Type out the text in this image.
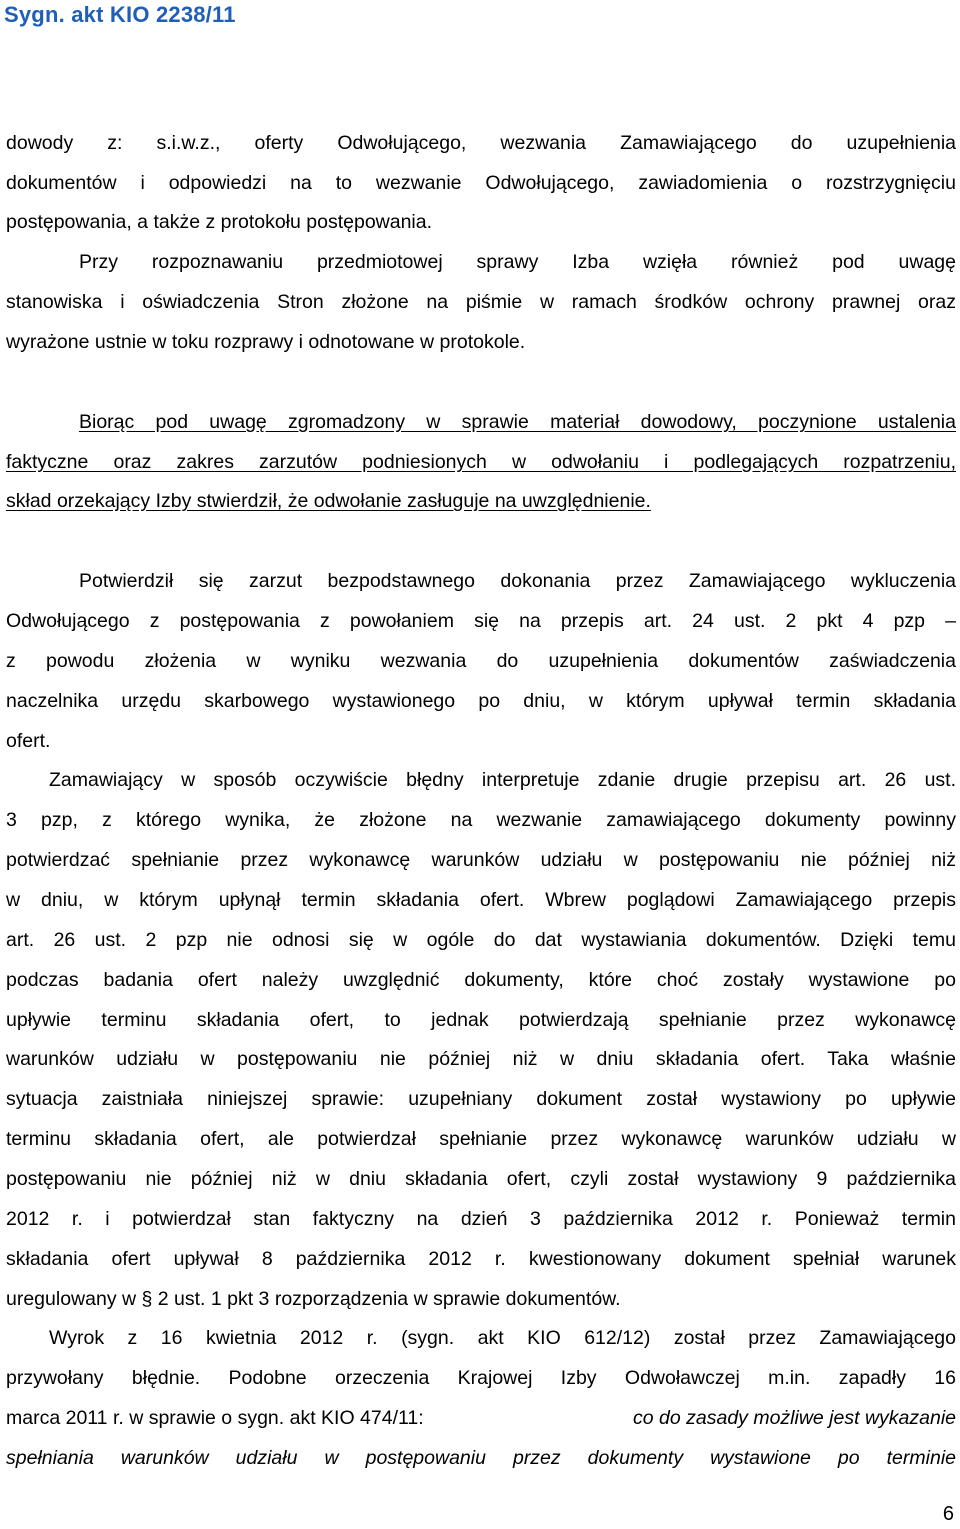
Sygn. akt KIO 2238/11
dowody z: s.i.w.z., oferty Odwołującego, wezwania Zamawiającego do uzupełnienia
dokumentów i odpowiedzi na to wezwanie Odwołującego, zawiadomienia o rozstrzygnięciu
postępowania, a także z protokołu postępowania.
Przy rozpoznawaniu przedmiotowej sprawy Izba wzięła również pod uwagę
stanowiska i oświadczenia Stron złożone na piśmie w ramach środków ochrony prawnej oraz
wyrażone ustnie w toku rozprawy i odnotowane w protokole.
Biorąc pod uwagę zgromadzony w sprawie materiał dowodowy, poczynione ustalenia
faktyczne oraz zakres zarzutów podniesionych w odwołaniu i podlegających rozpatrzeniu,
skład orzekający Izby stwierdził, że odwołanie zasługuje na uwzględnienie.
Potwierdził się zarzut bezpodstawnego dokonania przez Zamawiającego wykluczenia
Odwołującego z postępowania z powołaniem się na przepis art. 24 ust. 2 pkt 4 pzp –
z powodu złożenia w wyniku wezwania do uzupełnienia dokumentów zaświadczenia
naczelnika urzędu skarbowego wystawionego po dniu, w którym upływał termin składania
ofert.
Zamawiający w sposób oczywiście błędny interpretuje zdanie drugie przepisu art. 26 ust.
3 pzp, z którego wynika, że złożone na wezwanie zamawiającego dokumenty powinny
potwierdzać spełnianie przez wykonawcę warunków udziału w postępowaniu nie później niż
w dniu, w którym upłynął termin składania ofert. Wbrew poglądowi Zamawiającego przepis
art. 26 ust. 2 pzp nie odnosi się w ogóle do dat wystawiania dokumentów. Dzięki temu
podczas badania ofert należy uwzględnić dokumenty, które choć zostały wystawione po
upływie terminu składania ofert, to jednak potwierdzają spełnianie przez wykonawcę
warunków udziału w postępowaniu nie później niż w dniu składania ofert. Taka właśnie
sytuacja zaistniała niniejszej sprawie: uzupełniany dokument został wystawiony po upływie
terminu składania ofert, ale potwierdzał spełnianie przez wykonawcę warunków udziału w
postępowaniu nie później niż w dniu składania ofert, czyli został wystawiony 9 października
2012 r. i potwierdzał stan faktyczny na dzień 3 października 2012 r. Ponieważ termin
składania ofert upływał 8 października 2012 r. kwestionowany dokument spełniał warunek
uregulowany w § 2 ust. 1 pkt 3 rozporządzenia w sprawie dokumentów.
Wyrok z 16 kwietnia 2012 r. (sygn. akt KIO 612/12) został przez Zamawiającego
przywołany błędnie. Podobne orzeczenia Krajowej Izby Odwoławczej m.in. zapadły 16
marca 2011 r. w sprawie o sygn. akt KIO 474/11:	co do zasady możliwe jest wykazanie
spełniania warunków udziału w postępowaniu przez dokumenty wystawione po terminie
6
